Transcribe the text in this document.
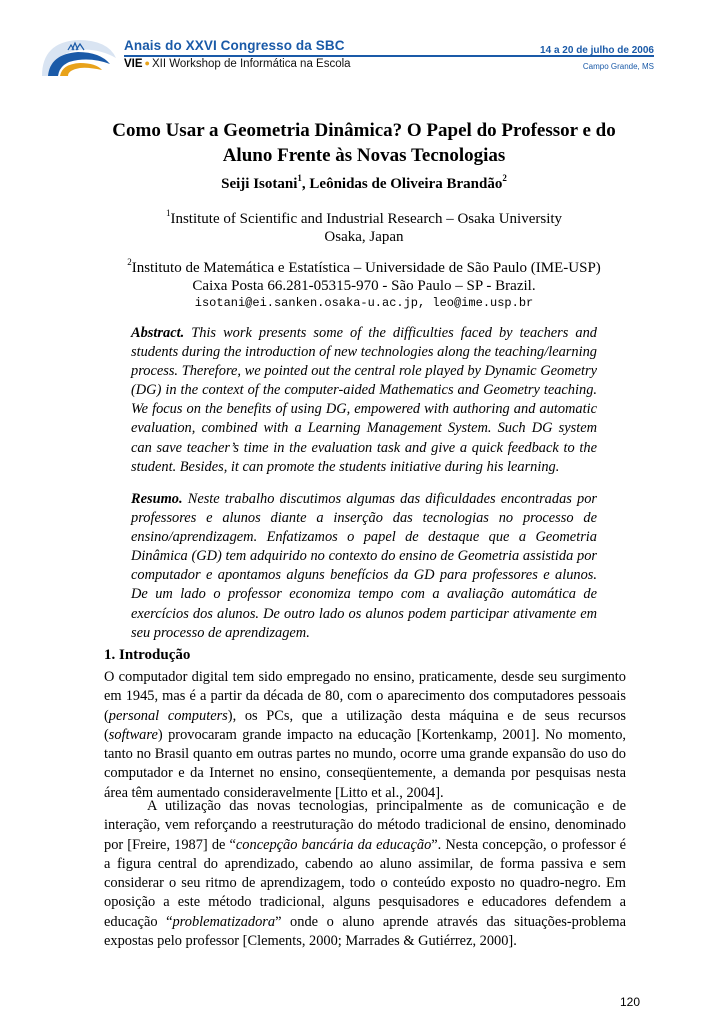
Anais do XXVI Congresso da SBC
VIE ● XII Workshop de Informática na Escola
14 a 20 de julho de 2006
Campo Grande, MS
Como Usar a Geometria Dinâmica? O Papel do Professor e do
Aluno Frente às Novas Tecnologias
Seiji Isotani$^1$, Leônidas de Oliveira Brandão$^2$
$^1$Institute of Scientific and Industrial Research – Osaka University
Osaka, Japan
$^2$Instituto de Matemática e Estatística – Universidade de São Paulo (IME-USP)
Caixa Posta 66.281-05315-970 - São Paulo – SP - Brazil.
isotani@ei.sanken.osaka-u.ac.jp, leo@ime.usp.br
Abstract. This work presents some of the difficulties faced by teachers and students during the introduction of new technologies along the teaching/learning process. Therefore, we pointed out the central role played by Dynamic Geometry (DG) in the context of the computer-aided Mathematics and Geometry teaching. We focus on the benefits of using DG, empowered with authoring and automatic evaluation, combined with a Learning Management System. Such DG system can save teacher’s time in the evaluation task and give a quick feedback to the student. Besides, it can promote the students initiative during his learning.
Resumo. Neste trabalho discutimos algumas das dificuldades encontradas por professores e alunos diante a inserção das tecnologias no processo de ensino/aprendizagem. Enfatizamos o papel de destaque que a Geometria Dinâmica (GD) tem adquirido no contexto do ensino de Geometria assistida por computador e apontamos alguns benefícios da GD para professores e alunos. De um lado o professor economiza tempo com a avaliação automática de exercícios dos alunos. De outro lado os alunos podem participar ativamente em seu processo de aprendizagem.
1. Introdução
O computador digital tem sido empregado no ensino, praticamente, desde seu surgimento em 1945, mas é a partir da década de 80, com o aparecimento dos computadores pessoais (personal computers), os PCs, que a utilização desta máquina e de seus recursos (software) provocaram grande impacto na educação [Kortenkamp, 2001]. No momento, tanto no Brasil quanto em outras partes no mundo, ocorre uma grande expansão do uso do computador e da Internet no ensino, conseqüentemente, a demanda por pesquisas nesta área têm aumentado consideravelmente [Litto et al., 2004].
A utilização das novas tecnologias, principalmente as de comunicação e de interação, vem reforçando a reestruturação do método tradicional de ensino, denominado por [Freire, 1987] de “concepção bancária da educação”. Nesta concepção, o professor é a figura central do aprendizado, cabendo ao aluno assimilar, de forma passiva e sem considerar o seu ritmo de aprendizagem, todo o conteúdo exposto no quadro-negro. Em oposição a este método tradicional, alguns pesquisadores e educadores defendem a educação “problematizadora” onde o aluno aprende através das situações-problema expostas pelo professor [Clements, 2000; Marrades & Gutiérrez, 2000].
120
